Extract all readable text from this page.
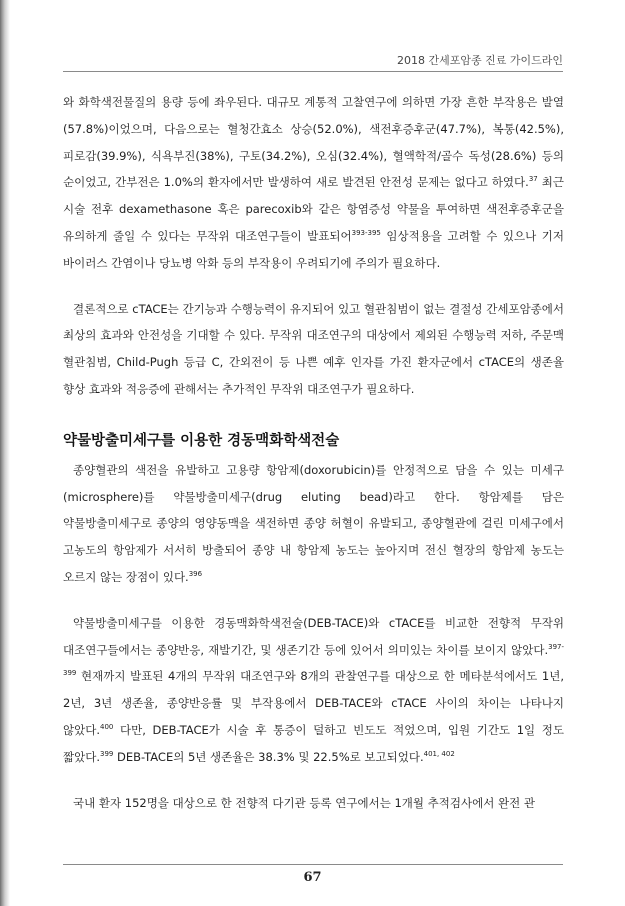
2018 간세포암종 진료 가이드라인

와 화학색전물질의 용량 등에 좌우된다. 대규모 계통적 고찰연구에 의하면 가장 흔한 부작용은 발열(57.8%)이었으며, 다음으로는 혈청간효소 상승(52.0%), 색전후증후군(47.7%), 복통(42.5%), 피로감(39.9%), 식욕부진(38%), 구토(34.2%), 오심(32.4%), 혈액학적/골수 독성(28.6%) 등의 순이었고, 간부전은 1.0%의 환자에서만 발생하여 새로 발견된 안전성 문제는 없다고 하였다.$^{37}$ 최근 시술 전후 dexamethasone 혹은 parecoxib와 같은 항염증성 약물을 투여하면 색전후증후군을 유의하게 줄일 수 있다는 무작위 대조연구들이 발표되어$^{393-395}$ 임상적용을 고려할 수 있으나 기저 바이러스 간염이나 당뇨병 악화 등의 부작용이 우려되기에 주의가 필요하다.

결론적으로 cTACE는 간기능과 수행능력이 유지되어 있고 혈관침범이 없는 결절성 간세포암종에서 최상의 효과와 안전성을 기대할 수 있다. 무작위 대조연구의 대상에서 제외된 수행능력 저하, 주문맥 혈관침범, Child-Pugh 등급 C, 간외전이 등 나쁜 예후 인자를 가진 환자군에서 cTACE의 생존율 향상 효과와 적응증에 관해서는 추가적인 무작위 대조연구가 필요하다.

약물방출미세구를 이용한 경동맥화학색전술

종양혈관의 색전을 유발하고 고용량 항암제(doxorubicin)를 안정적으로 담을 수 있는 미세구(microsphere)를 약물방출미세구(drug eluting bead)라고 한다. 항암제를 담은 약물방출미세구로 종양의 영양동맥을 색전하면 종양 허혈이 유발되고, 종양혈관에 걸린 미세구에서 고농도의 항암제가 서서히 방출되어 종양 내 항암제 농도는 높아지며 전신 혈장의 항암제 농도는 오르지 않는 장점이 있다.$^{396}$

약물방출미세구를 이용한 경동맥화학색전술(DEB-TACE)와 cTACE를 비교한 전향적 무작위 대조연구들에서는 종양반응, 재발기간, 및 생존기간 등에 있어서 의미있는 차이를 보이지 않았다.$^{397-399}$ 현재까지 발표된 4개의 무작위 대조연구와 8개의 관찰연구를 대상으로 한 메타분석에서도 1년, 2년, 3년 생존율, 종양반응률 및 부작용에서 DEB-TACE와 cTACE 사이의 차이는 나타나지 않았다.$^{400}$ 다만, DEB-TACE가 시술 후 통증이 덜하고 빈도도 적었으며, 입원 기간도 1일 정도 짧았다.$^{399}$ DEB-TACE의 5년 생존율은 38.3% 및 22.5%로 보고되었다.$^{401, 402}$

국내 환자 152명을 대상으로 한 전향적 다기관 등록 연구에서는 1개월 추적검사에서 완전 관

67
